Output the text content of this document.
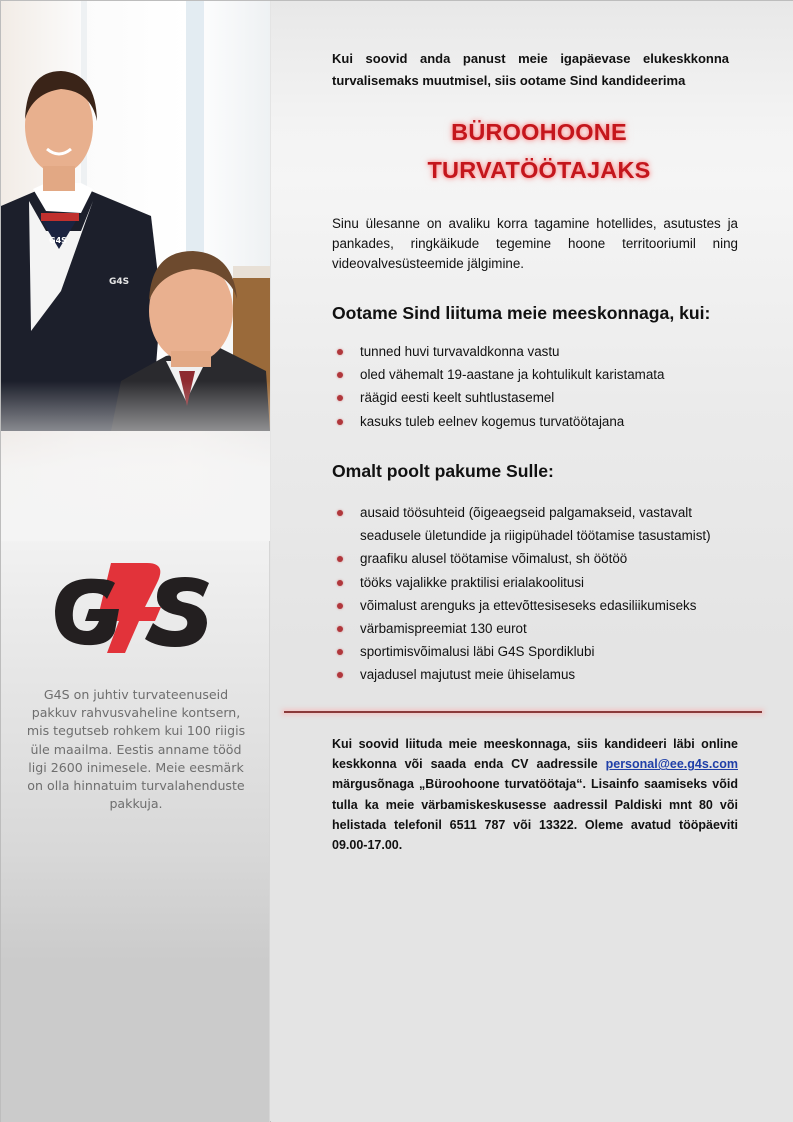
G4S
G4S
G4S on juhtiv turvateenuseid pakkuv rahvusvaheline kontsern, mis tegutseb rohkem kui 100 riigis üle maailma. Eestis anname tööd ligi 2600 inimesele. Meie eesmärk on olla hinnatuim turvalahenduste pakkuja.

Kui soovid anda panust meie igapäevase elukeskkonna turvalisemaks muutmisel, siis ootame Sind kandideerima

BÜROOHOONE
TURVATÖÖTAJAKS

Sinu ülesanne on avaliku korra tagamine hotellides, asutustes ja pankades, ringkäikude tegemine hoone territooriumil ning videovalvesüsteemide jälgimine.

Ootame Sind liituma meie meeskonnaga, kui:
tunned huvi turvavaldkonna vastu
oled vähemalt 19-aastane ja kohtulikult karistamata
räägid eesti keelt suhtlustasemel
kasuks tuleb eelnev kogemus turvatöötajana
Omalt poolt pakume Sulle:
ausaid töösuhteid (õigeaegseid palgamakseid, vastavalt seadusele ületundide ja riigipühadel töötamise tasustamist)
graafiku alusel töötamise võimalust, sh öötöö
tööks vajalikke praktilisi erialakoolitusi
võimalust arenguks ja ettevõttesiseseks edasiliikumiseks
värbamispreemiat 130 eurot
sportimisvõimalusi läbi G4S Spordiklubi
vajadusel majutust meie ühiselamus

Kui soovid liituda meie meeskonnaga, siis kandideeri läbi online keskkonna või saada enda CV aadressile personal@ee.g4s.com märgusõnaga „Büroohoone turvatöötaja“. Lisainfo saamiseks võid tulla ka meie värbamiskeskusesse aadressil Paldiski mnt 80 või helistada telefonil 6511 787 või 13322. Oleme avatud tööpäeviti 09.00-17.00.
